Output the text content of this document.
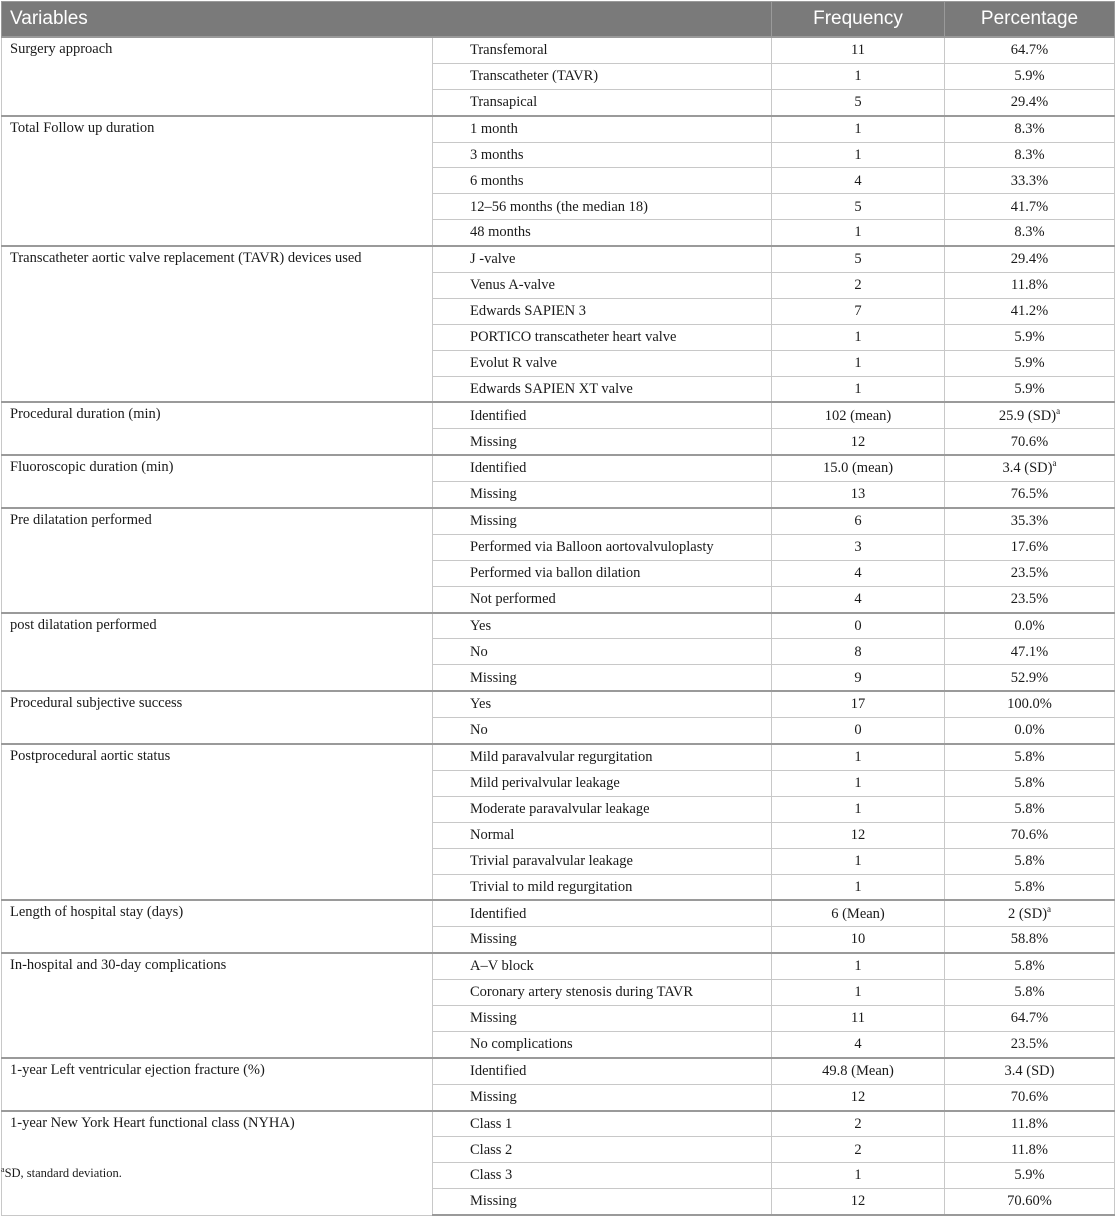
Variables		Frequency	Percentage
Surgery approach	Transfemoral	11	64.7%
	Transcatheter (TAVR)	1	5.9%
	Transapical	5	29.4%
Total Follow up duration	1 month	1	8.3%
	3 months	1	8.3%
	6 months	4	33.3%
	12–56 months (the median 18)	5	41.7%
	48 months	1	8.3%
Transcatheter aortic valve replacement (TAVR) devices used	J -valve	5	29.4%
	Venus A-valve	2	11.8%
	Edwards SAPIEN 3	7	41.2%
	PORTICO transcatheter heart valve	1	5.9%
	Evolut R valve	1	5.9%
	Edwards SAPIEN XT valve	1	5.9%
Procedural duration (min)	Identified	102 (mean)	25.9 (SD)$^a$
	Missing	12	70.6%
Fluoroscopic duration (min)	Identified	15.0 (mean)	3.4 (SD)$^a$
	Missing	13	76.5%
Pre dilatation performed	Missing	6	35.3%
	Performed via Balloon aortovalvuloplasty	3	17.6%
	Performed via ballon dilation	4	23.5%
	Not performed	4	23.5%
post dilatation performed	Yes	0	0.0%
	No	8	47.1%
	Missing	9	52.9%
Procedural subjective success	Yes	17	100.0%
	No	0	0.0%
Postprocedural aortic status	Mild paravalvular regurgitation	1	5.8%
	Mild perivalvular leakage	1	5.8%
	Moderate paravalvular leakage	1	5.8%
	Normal	12	70.6%
	Trivial paravalvular leakage	1	5.8%
	Trivial to mild regurgitation	1	5.8%
Length of hospital stay (days)	Identified	6 (Mean)	2 (SD)$^a$
	Missing	10	58.8%
In-hospital and 30-day complications	A–V block	1	5.8%
	Coronary artery stenosis during TAVR	1	5.8%
	Missing	11	64.7%
	No complications	4	23.5%
1-year Left ventricular ejection fracture (%)	Identified	49.8 (Mean)	3.4 (SD)
	Missing	12	70.6%
1-year New York Heart functional class (NYHA)	Class 1	2	11.8%
	Class 2	2	11.8%
	Class 3	1	5.9%
	Missing	12	70.60%
$^a$SD, standard deviation.
